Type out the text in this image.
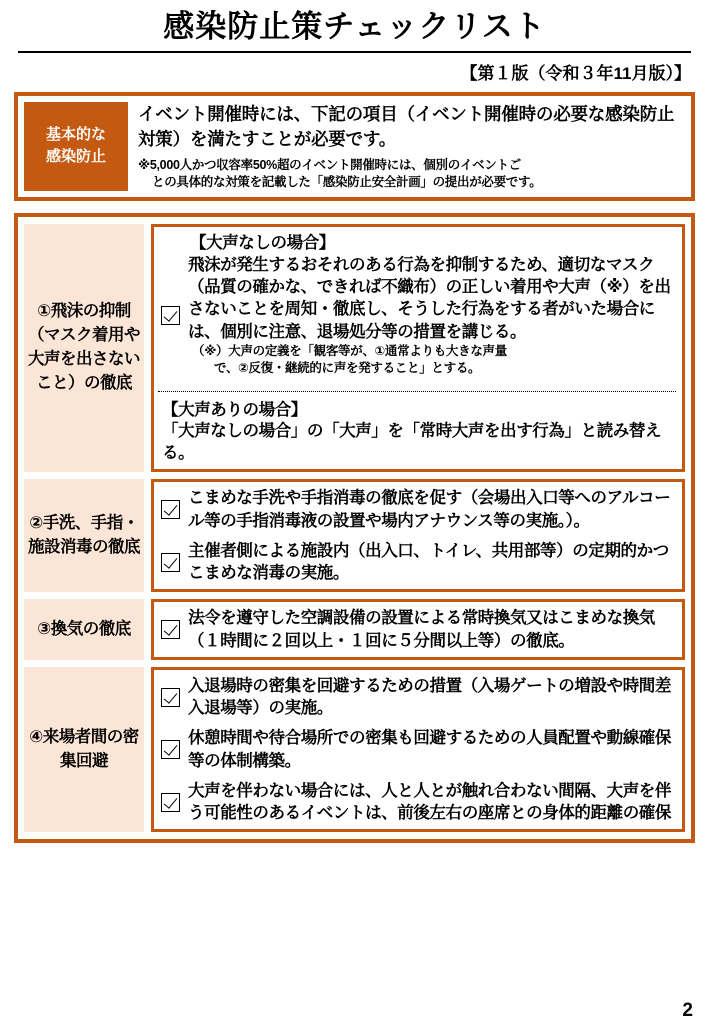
感染防止策チェックリスト
【第１版（令和３年11月版）】
基本的な
感染防止
イベント開催時には、下記の項目（イベント開催時の必要な感染防止対策）を満たすことが必要です。
※5,000人かつ収容率50%超のイベント開催時には、個別のイベントご
との具体的な対策を記載した「感染防止安全計画」の提出が必要です。
①飛沫の抑制（マスク着用や大声を出さないこと）の徹底
【大声なしの場合】
飛沫が発生するおそれのある行為を抑制するため、適切なマスク（品質の確かな、できれば不織布）の正しい着用や大声（※）を出さないことを周知・徹底し、そうした行為をする者がいた場合には、個別に注意、退場処分等の措置を講じる。
（※）大声の定義を「観客等が、①通常よりも大きな声量
で、②反復・継続的に声を発すること」とする。
【大声ありの場合】
「大声なしの場合」の「大声」を「常時大声を出す行為」と読み替える。
②手洗、手指・施設消毒の徹底
こまめな手洗や手指消毒の徹底を促す（会場出入口等へのアルコール等の手指消毒液の設置や場内アナウンス等の実施。）。
主催者側による施設内（出入口、トイレ、共用部等）の定期的かつこまめな消毒の実施。
③換気の徹底
法令を遵守した空調設備の設置による常時換気又はこまめな換気（１時間に２回以上・１回に５分間以上等）の徹底。
④来場者間の密集回避
入退場時の密集を回避するための措置（入場ゲートの増設や時間差入退場等）の実施。
休憩時間や待合場所での密集も回避するための人員配置や動線確保等の体制構築。
大声を伴わない場合には、人と人とが触れ合わない間隔、大声を伴う可能性のあるイベントは、前後左右の座席との身体的距離の確保
2
